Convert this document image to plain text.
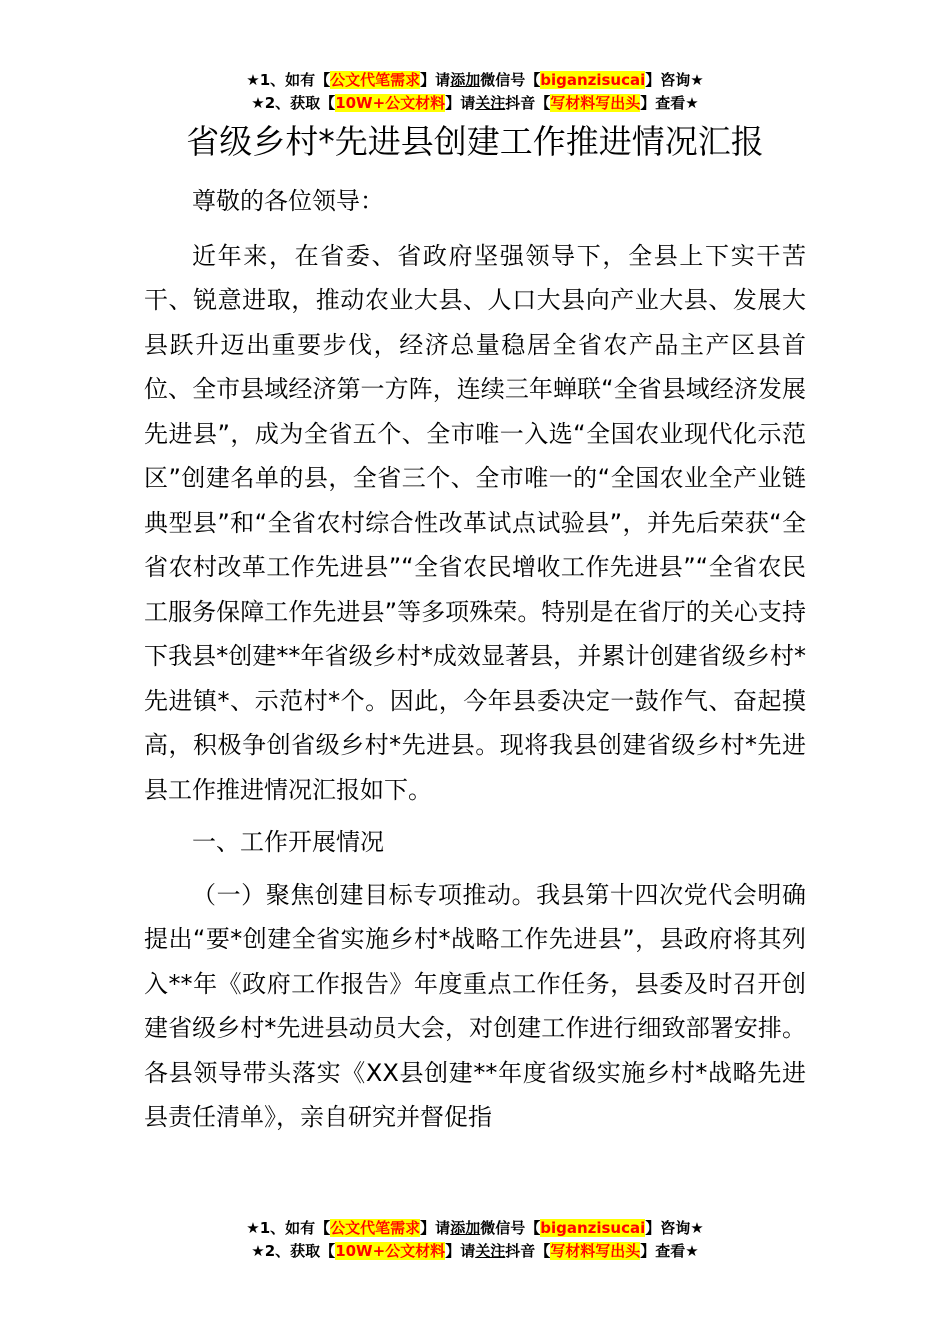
★1、如有【公文代笔需求】请添加微信号【biganzisucai】咨询★
★2、获取【10W+公文材料】请关注抖音【写材料写出头】查看★
省级乡村*先进县创建工作推进情况汇报

尊敬的各位领导：

近年来，在省委、省政府坚强领导下，全县上下实干苦干、锐意进取，推动农业大县、人口大县向产业大县、发展大县跃升迈出重要步伐，经济总量稳居全省农产品主产区县首位、全市县域经济第一方阵，连续三年蝉联“全省县域经济发展先进县”，成为全省五个、全市唯一入选“全国农业现代化示范区”创建名单的县，全省三个、全市唯一的“全国农业全产业链典型县”和“全省农村综合性改革试点试验县”，并先后荣获“全省农村改革工作先进县”“全省农民增收工作先进县”“全省农民工服务保障工作先进县”等多项殊荣。特别是在省厅的关心支持下我县*创建**年省级乡村*成效显著县，并累计创建省级乡村*先进镇*、示范村*个。因此，今年县委决定一鼓作气、奋起摸高，积极争创省级乡村*先进县。现将我县创建省级乡村*先进县工作推进情况汇报如下。

一、工作开展情况

（一）聚焦创建目标专项推动。我县第十四次党代会明确提出“要*创建全省实施乡村*战略工作先进县”，县政府将其列入**年《政府工作报告》年度重点工作任务，县委及时召开创建省级乡村*先进县动员大会，对创建工作进行细致部署安排。各县领导带头落实《XX县创建**年度省级实施乡村*战略先进县责任清单》，亲自研究并督促指

★1、如有【公文代笔需求】请添加微信号【biganzisucai】咨询★
★2、获取【10W+公文材料】请关注抖音【写材料写出头】查看★
